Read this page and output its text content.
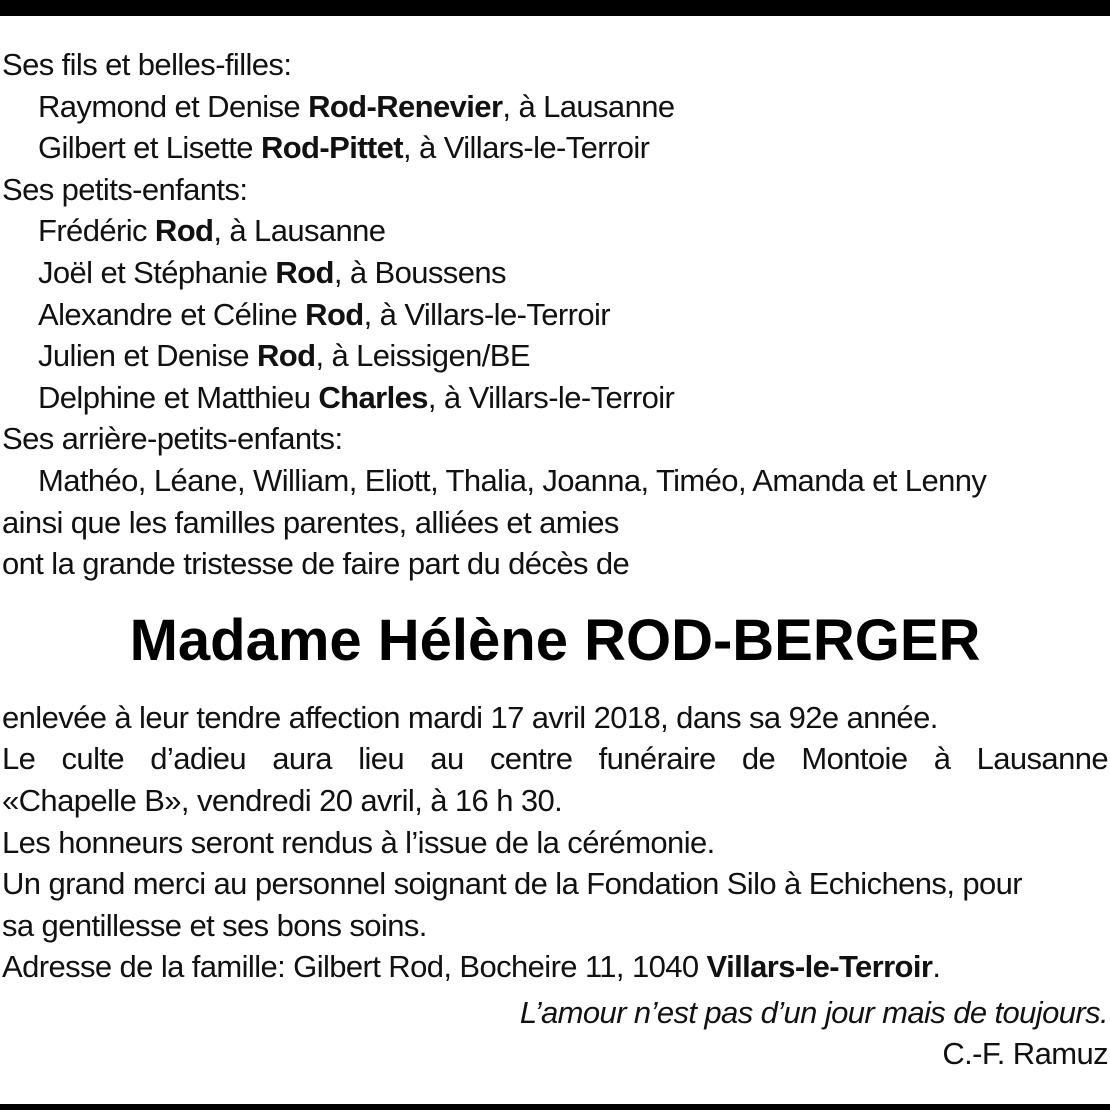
Ses fils et belles-filles:
Raymond et Denise Rod-Renevier, à Lausanne
Gilbert et Lisette Rod-Pittet, à Villars-le-Terroir
Ses petits-enfants:
Frédéric Rod, à Lausanne
Joël et Stéphanie Rod, à Boussens
Alexandre et Céline Rod, à Villars-le-Terroir
Julien et Denise Rod, à Leissigen/BE
Delphine et Matthieu Charles, à Villars-le-Terroir
Ses arrière-petits-enfants:
Mathéo, Léane, William, Eliott, Thalia, Joanna, Timéo, Amanda et Lenny
ainsi que les familles parentes, alliées et amies
ont la grande tristesse de faire part du décès de
Madame Hélène ROD-BERGER
enlevée à leur tendre affection mardi 17 avril 2018, dans sa 92e année.
Le culte d’adieu aura lieu au centre funéraire de Montoie à Lausanne
«Chapelle B», vendredi 20 avril, à 16 h 30.
Les honneurs seront rendus à l’issue de la cérémonie.
Un grand merci au personnel soignant de la Fondation Silo à Echichens, pour
sa gentillesse et ses bons soins.
Adresse de la famille: Gilbert Rod, Bocheire 11, 1040 Villars-le-Terroir.
L’amour n’est pas d’un jour mais de toujours.
C.-F. Ramuz
